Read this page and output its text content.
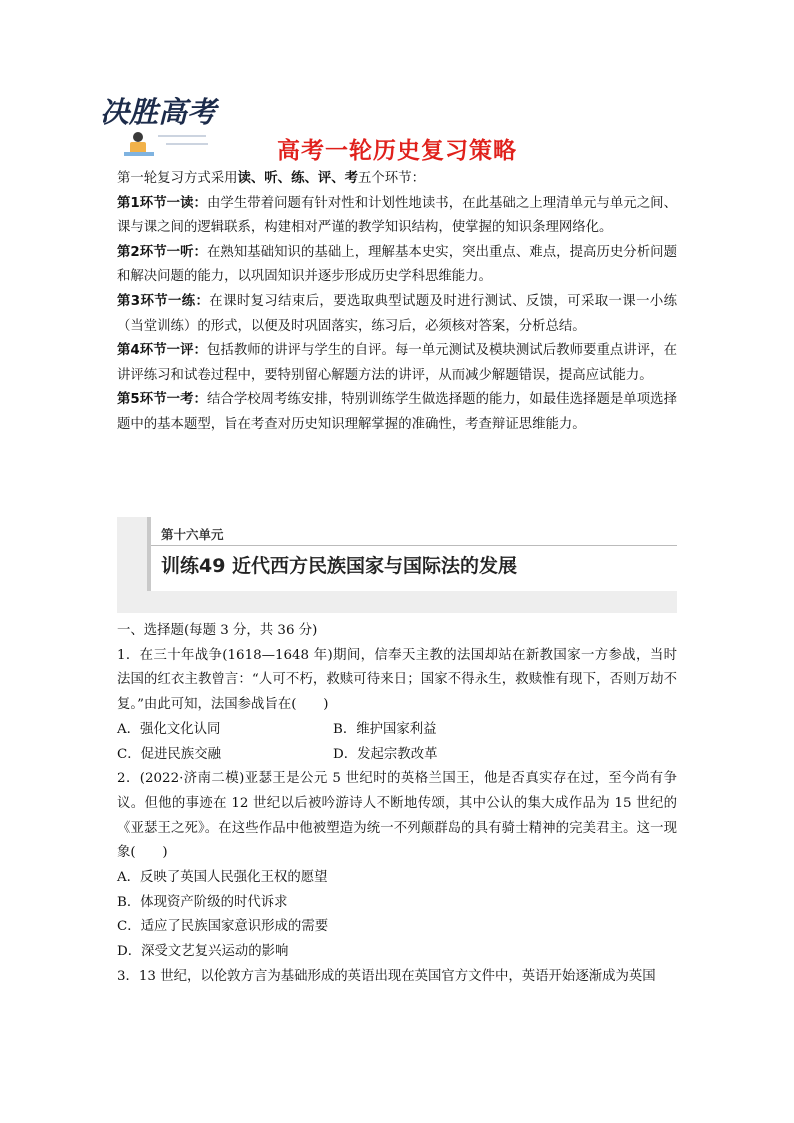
决胜高考
高考一轮历史复习策略

第一轮复习方式采用读、听、练、评、考五个环节：

第1环节一读：由学生带着问题有针对性和计划性地读书，在此基础之上理清单元与单元之间、课与课之间的逻辑联系，构建相对严谨的教学知识结构，使掌握的知识条理网络化。

第2环节一听：在熟知基础知识的基础上，理解基本史实，突出重点、难点，提高历史分析问题和解决问题的能力，以巩固知识并逐步形成历史学科思维能力。

第3环节一练：在课时复习结束后，要选取典型试题及时进行测试、反馈，可采取一课一小练（当堂训练）的形式，以便及时巩固落实，练习后，必须核对答案，分析总结。

第4环节一评：包括教师的讲评与学生的自评。每一单元测试及模块测试后教师要重点讲评，在讲评练习和试卷过程中，要特别留心解题方法的讲评，从而减少解题错误，提高应试能力。

第5环节一考：结合学校周考练安排，特别训练学生做选择题的能力，如最佳选择题是单项选择题中的基本题型，旨在考查对历史知识理解掌握的准确性，考查辩证思维能力。

第十六单元
训练49 近代西方民族国家与国际法的发展

一、选择题(每题 3 分，共 36 分)

1．在三十年战争(1618—1648 年)期间，信奉天主教的法国却站在新教国家一方参战，当时法国的红衣主教曾言：“人可不朽，救赎可待来日；国家不得永生，救赎惟有现下，否则万劫不复。”由此可知，法国参战旨在(　　)

A．强化文化认同	B．维护国家利益
C．促进民族交融	D．发起宗教改革

2．(2022·济南二模)亚瑟王是公元 5 世纪时的英格兰国王，他是否真实存在过，至今尚有争议。但他的事迹在 12 世纪以后被吟游诗人不断地传颂，其中公认的集大成作品为 15 世纪的《亚瑟王之死》。在这些作品中他被塑造为统一不列颠群岛的具有骑士精神的完美君主。这一现象(　　)

A．反映了英国人民强化王权的愿望

B．体现资产阶级的时代诉求

C．适应了民族国家意识形成的需要

D．深受文艺复兴运动的影响

3．13 世纪，以伦敦方言为基础形成的英语出现在英国官方文件中，英语开始逐渐成为英国
